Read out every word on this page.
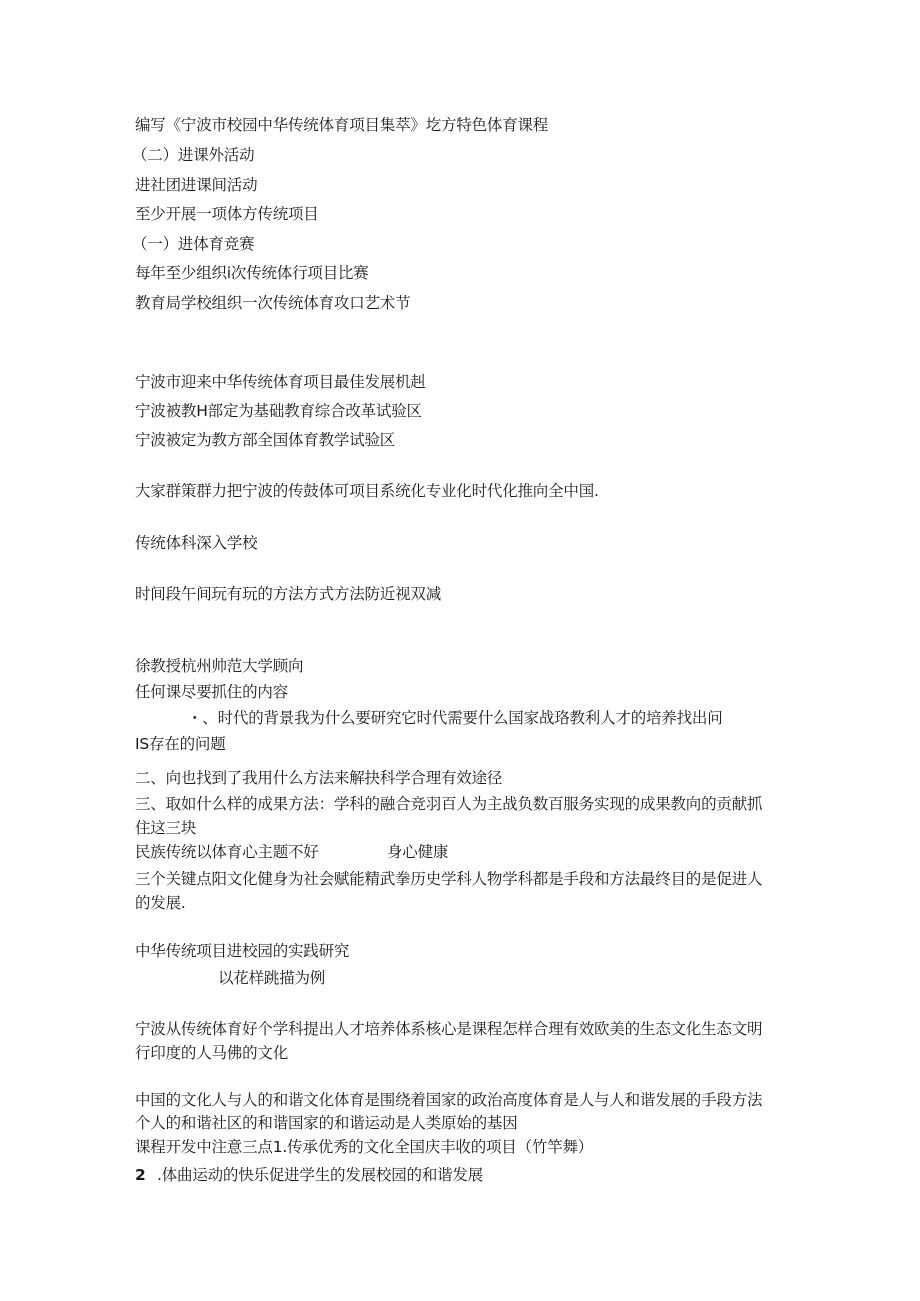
编写《宁波市校园中华传统体育项目集萃》圪方特色体育课程
（二）进课外活动
进社团进课间活动
至少开展一项体方传统项目
（一）进体育竞赛
每年至少组织i次传统体行项目比赛
教育局学校组织一次传统体育攻口艺术节
宁波市迎来中华传统体育项目最佳发展机赳
宁波被教H部定为基础教育综合改革试验区
宁波被定为教方部全国体育教学试验区
大家群策群力把宁波的传鼓体可项目系统化专业化时代化推向全中国.
传统体科深入学校
时间段午间玩有玩的方法方式方法防近视双减
徐教授杭州帅范大学顾向
任何课尽要抓住的内容
・、时代的背景我为什么要研究它时代需要什么国家战珞教利人才的培养找出问
IS存在的问题
二、向也找到了我用什么方法来解抉科学合理有效途径
三、取如什么样的成果方法：学科的融合竞羽百人为主战负数百服务实现的成果教向的贡献抓
住这三块
民族传统以体育心主题不好	身心健康
三个关键点阳文化健身为社会赋能精武拳历史学科人物学科都是手段和方法最终目的是促进人
的发展.
中华传统项目进校园的实践研究
以花样跳描为例
宁波从传统体育好个学科提出人才培养体系核心是课程怎样合理有效欧美的生态文化生态文明
行印度的人马佛的文化
中国的文化人与人的和谐文化体育是围绕着国家的政治高度体育是人与人和谐发展的手段方法
个人的和谐社区的和谐国家的和谐运动是人类原始的基因
课程开发中注意三点1.传承优秀的文化全国庆丰收的项目（竹竿舞）
2 .体曲运动的快乐促进学生的发展校园的和谐发展
